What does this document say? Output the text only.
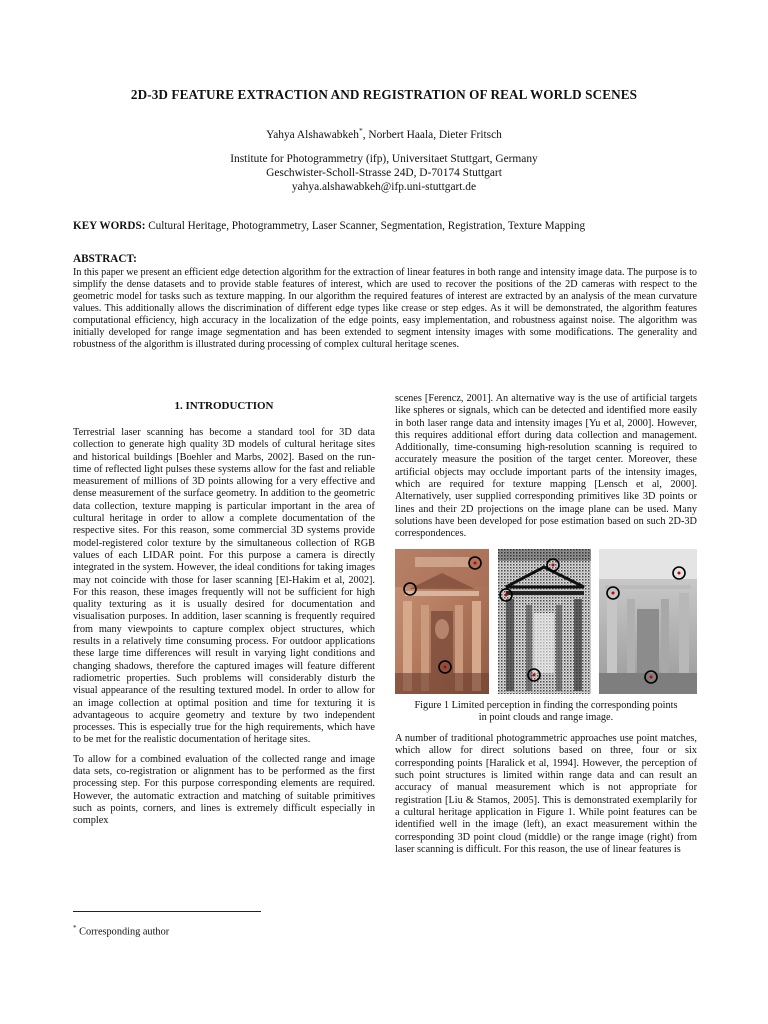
2D-3D FEATURE EXTRACTION AND REGISTRATION OF REAL WORLD SCENES
Yahya Alshawabkeh*, Norbert Haala, Dieter Fritsch
Institute for Photogrammetry (ifp), Universitaet Stuttgart, Germany
Geschwister-Scholl-Strasse 24D, D-70174 Stuttgart
yahya.alshawabkeh@ifp.uni-stuttgart.de
KEY WORDS: Cultural Heritage, Photogrammetry, Laser Scanner, Segmentation, Registration, Texture Mapping
ABSTRACT:
In this paper we present an efficient edge detection algorithm for the extraction of linear features in both range and intensity image data. The purpose is to simplify the dense datasets and to provide stable features of interest, which are used to recover the positions of the 2D cameras with respect to the geometric model for tasks such as texture mapping. In our algorithm the required features of interest are extracted by an analysis of the mean curvature values. This additionally allows the discrimination of different edge types like crease or step edges. As it will be demonstrated, the algorithm features computational efficiency, high accuracy in the localization of the edge points, easy implementation, and robustness against noise. The algorithm was initially developed for range image segmentation and has been extended to segment intensity images with some modifications. The generality and robustness of the algorithm is illustrated during processing of complex cultural heritage scenes.
1. INTRODUCTION

Terrestrial laser scanning has become a standard tool for 3D data collection to generate high quality 3D models of cultural heritage sites and historical buildings [Boehler and Marbs, 2002]. Based on the run-time of reflected light pulses these systems allow for the fast and reliable measurement of millions of 3D points allowing for a very effective and dense measurement of the surface geometry. In addition to the geometric data collection, texture mapping is particular important in the area of cultural heritage in order to allow a complete documentation of the respective sites. For this reason, some commercial 3D systems provide model-registered color texture by the simultaneous collection of RGB values of each LIDAR point. For this purpose a camera is directly integrated in the system. However, the ideal conditions for taking images may not coincide with those for laser scanning [El-Hakim et al, 2002]. For this reason, these images frequently will not be sufficient for high quality texturing as it is usually desired for documentation and visualisation purposes. In addition, laser scanning is frequently required from many viewpoints to capture complex object structures, which results in a relatively time consuming process. For outdoor applications these large time differences will result in varying light conditions and changing shadows, therefore the captured images will feature different radiometric properties. Such problems will considerably disturb the visual appearance of the resulting textured model. In order to allow for an image collection at optimal position and time for texturing it is advantageous to acquire geometry and texture by two independent processes. This is especially true for the high requirements, which have to be met for the realistic documentation of heritage sites.

To allow for a combined evaluation of the collected range and image data sets, co-registration or alignment has to be performed as the first processing step. For this purpose corresponding elements are required. However, the automatic extraction and matching of suitable primitives such as points, corners, and lines is extremely difficult especially in complex

scenes [Ferencz, 2001]. An alternative way is the use of artificial targets like spheres or signals, which can be detected and identified more easily in both laser range data and intensity images [Yu et al, 2000]. However, this requires additional effort during data collection and management. Additionally, time-consuming high-resolution scanning is required to accurately measure the position of the target center. Moreover, these artificial objects may occlude important parts of the intensity images, which are required for texture mapping [Lensch et al, 2000]. Alternatively, user supplied corresponding primitives like 3D points or lines and their 2D projections on the image plane can be used. Many solutions have been developed for pose estimation based on such 2D-3D correspondences.

Figure 1 Limited perception in finding the corresponding points
in point clouds and range image.

A number of traditional photogrammetric approaches use point matches, which allow for direct solutions based on three, four or six corresponding points [Haralick et al, 1994]. However, the perception of such point structures is limited within range data and can result an accuracy of manual measurement which is not appropriate for registration [Liu & Stamos, 2005]. This is demonstrated exemplarily for a cultural heritage application in Figure 1. While point features can be identified well in the image (left), an exact measurement within the corresponding 3D point cloud (middle) or the range image (right) from laser scanning is difficult. For this reason, the use of linear features is

* Corresponding author
